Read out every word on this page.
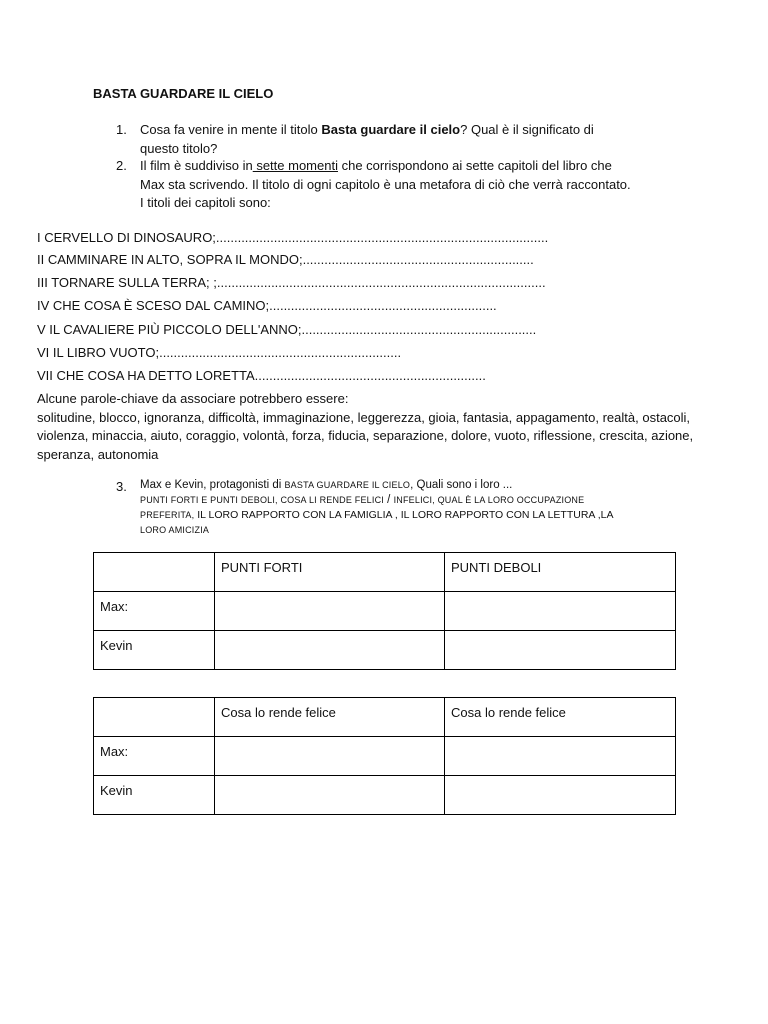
BASTA GUARDARE IL CIELO
1.	Cosa fa venire in mente il titolo Basta guardare il cielo? Qual è il significato di
questo titolo?
2.	Il film è suddiviso in sette momenti che corrispondono ai sette capitoli del libro che
Max sta scrivendo. Il titolo di ogni capitolo è una metafora di ciò che verrà raccontato.
I titoli dei capitoli sono:
I CERVELLO DI DINOSAURO;............................................................................................
II CAMMINARE IN ALTO, SOPRA IL MONDO;................................................................
III TORNARE SULLA TERRA; ;...........................................................................................
IV CHE COSA È SCESO DAL CAMINO;...............................................................
V IL CAVALIERE PIÙ PICCOLO DELL'ANNO;.................................................................
VI IL LIBRO VUOTO;...................................................................
VII CHE COSA HA DETTO LORETTA................................................................
Alcune parole-chiave da associare potrebbero essere:
solitudine, blocco, ignoranza, difficoltà, immaginazione, leggerezza, gioia, fantasia, appagamento, realtà, ostacoli, violenza, minaccia, aiuto, coraggio, volontà, forza, fiducia, separazione, dolore, vuoto, riflessione, crescita, azione, speranza, autonomia
3.	Max e Kevin, protagonisti di BASTA GUARDARE IL CIELO, Quali sono i loro ...
PUNTI FORTI E PUNTI DEBOLI, COSA LI RENDE FELICI / INFELICI, QUAL È LA LORO OCCUPAZIONE
PREFERITA, IL LORO RAPPORTO CON LA FAMIGLIA , IL LORO RAPPORTO CON LA LETTURA ,LA
LORO AMICIZIA
	PUNTI FORTI	PUNTI DEBOLI
Max:		
Kevin		
	Cosa lo rende felice	Cosa lo rende felice
Max:		
Kevin		
